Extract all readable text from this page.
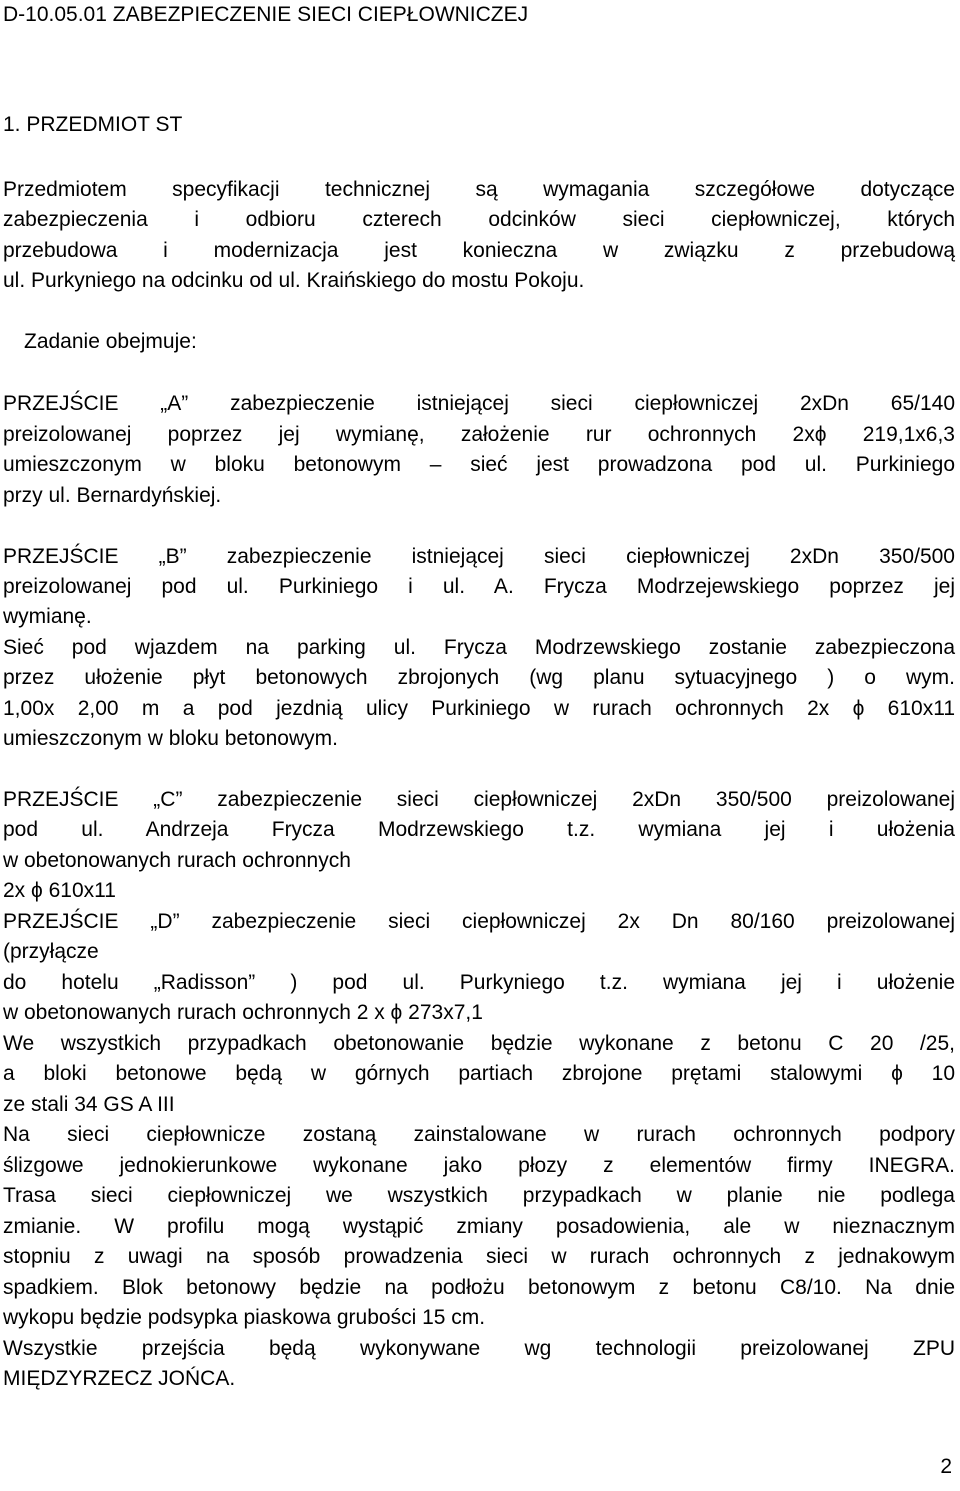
D-10.05.01 ZABEZPIECZENIE SIECI CIEPŁOWNICZEJ
1. PRZEDMIOT ST
Przedmiotem specyfikacji technicznej są wymagania szczegółowe dotyczące
zabezpieczenia i odbioru czterech odcinków sieci ciepłowniczej, których
przebudowa i modernizacja jest konieczna w związku z przebudową
ul. Purkyniego na odcinku od ul. Kraińskiego do mostu Pokoju.
Zadanie obejmuje:
PRZEJŚCIE „A” zabezpieczenie istniejącej sieci ciepłowniczej 2xDn 65/140
preizolowanej poprzez jej wymianę, założenie rur ochronnych 2xϕ 219,1x6,3
umieszczonym w bloku betonowym – sieć jest prowadzona pod ul. Purkiniego
przy ul. Bernardyńskiej.
PRZEJŚCIE „B” zabezpieczenie istniejącej sieci ciepłowniczej 2xDn 350/500
preizolowanej pod ul. Purkiniego i ul. A. Frycza Modrzejewskiego poprzez jej
wymianę.
Sieć pod wjazdem na parking ul. Frycza Modrzewskiego zostanie zabezpieczona
przez ułożenie płyt betonowych zbrojonych (wg planu sytuacyjnego ) o wym.
1,00x 2,00 m a pod jezdnią ulicy Purkiniego w rurach ochronnych 2x ϕ 610x11
umieszczonym w bloku betonowym.
PRZEJŚCIE „C” zabezpieczenie sieci ciepłowniczej 2xDn 350/500 preizolowanej
pod ul. Andrzeja Frycza Modrzewskiego t.z. wymiana jej i ułożenia
w obetonowanych rurach ochronnych
2x ϕ 610x11
PRZEJŚCIE „D” zabezpieczenie sieci ciepłowniczej 2x Dn 80/160 preizolowanej
(przyłącze
do hotelu „Radisson” ) pod ul. Purkyniego t.z. wymiana jej i ułożenie
w obetonowanych rurach ochronnych 2 x ϕ 273x7,1
We wszystkich przypadkach obetonowanie będzie wykonane z betonu C 20 /25,
a bloki betonowe będą w górnych partiach zbrojone prętami stalowymi ϕ 10
ze stali 34 GS A III
Na sieci ciepłownicze zostaną zainstalowane w rurach ochronnych podpory
ślizgowe jednokierunkowe wykonane jako płozy z elementów firmy INEGRA.
Trasa sieci ciepłowniczej we wszystkich przypadkach w planie nie podlega
zmianie. W profilu mogą wystąpić zmiany posadowienia, ale w nieznacznym
stopniu z uwagi na sposób prowadzenia sieci w rurach ochronnych z jednakowym
spadkiem. Blok betonowy będzie na podłożu betonowym z betonu C8/10. Na dnie
wykopu będzie podsypka piaskowa grubości 15 cm.
Wszystkie przejścia będą wykonywane wg technologii preizolowanej ZPU
MIĘDZYRZECZ JOŃCA.
2
